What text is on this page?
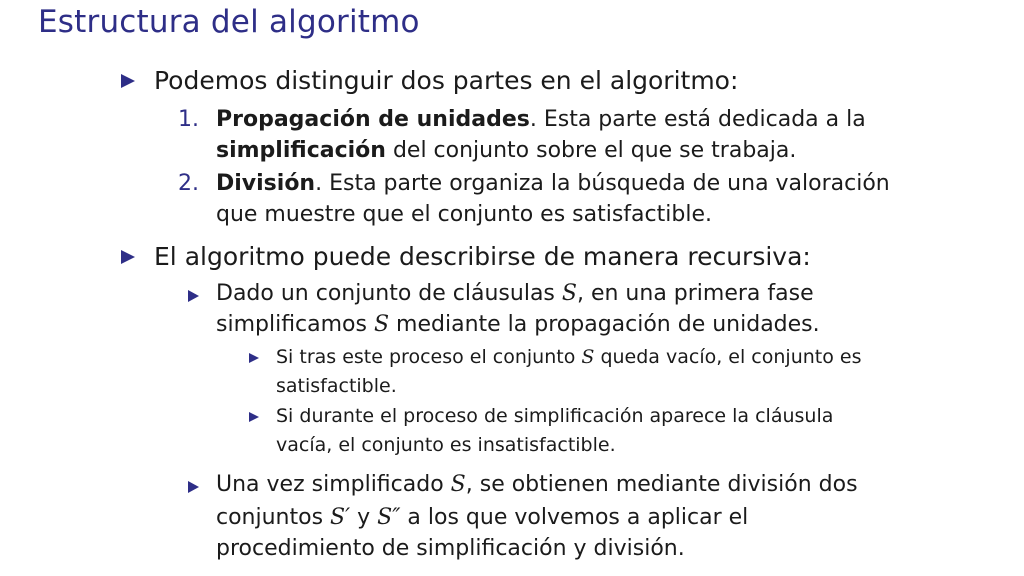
Estructura del algoritmo
Podemos distinguir dos partes en el algoritmo:
1. Propagación de unidades. Esta parte está dedicada a la
simplificación del conjunto sobre el que se trabaja.
2. División. Esta parte organiza la búsqueda de una valoración
que muestre que el conjunto es satisfactible.
El algoritmo puede describirse de manera recursiva:
Dado un conjunto de cláusulas S, en una primera fase
simplificamos S mediante la propagación de unidades.
Si tras este proceso el conjunto S queda vacío, el conjunto es
satisfactible.
Si durante el proceso de simplificación aparece la cláusula
vacía, el conjunto es insatisfactible.
Una vez simplificado S, se obtienen mediante división dos
conjuntos S′ y S″ a los que volvemos a aplicar el
procedimiento de simplificación y división.
